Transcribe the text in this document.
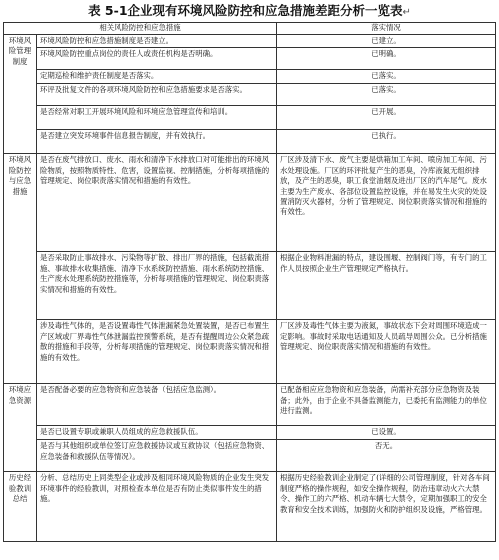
表 5-1企业现有环境风险防控和应急措施差距分析一览表↵
相关风险防控和应急措施		落实情况
环境风险管理制度	环境风险防控和应急措施制度是否建立。	已建立。
	环境风险防控重点岗位的责任人或责任机构是否明确。	已明确。
	定期巡检和维护责任制度是否落实。	已落实。
	环评及批复文件的各项环境风险防控和应急措施要求是否落实。	已落实。
	是否经常对职工开展环境风险和环境应急管理宣传和培训。	已开展。
	是否建立突发环境事件信息报告制度，并有效执行。	已执行。
环境风险防控与应急措施	是否在废气排放口、废水、雨水和清净下水排放口对可能排出的环境风险物质，按照物质特性、危害，设置监视、控制措施，分析每项措施的管理规定、岗位职责落实情况和措施的有效性。	厂区涉及清下水、废气主要是烘箱加工车间、喷房加工车间、污水处理设施。厂区的环评批复产生的恶臭，冷库液氮无组织排放，及产生的恶臭，职工食堂油烟及进出厂区的汽车尾气。废水主要为生产废水、各部位设置监控设施，并在易发生火灾的处设置消防灭火器材，分析了管理规定、岗位职责落实情况和措施的有效性。
	是否采取防止事故排水、污染物等扩散、排出厂界的措施，包括截流措施、事故排水收集措施、清净下水系统防控措施、雨水系统防控措施、生产废水处理系统防控措施等，分析每项措施的管理规定、岗位职责落实情况和措施的有效性。	根据企业物料泄漏的特点，建设围堰、控制阀门等，有专门的工作人员按照企业生产管理规定严格执行。
	涉及毒性气体的，是否设置毒性气体泄漏紧急处置装置，是否已布置生产区域或厂界毒性气体泄漏监控预警系统，是否有提醒周边公众紧急疏散的措施和手段等，分析每项措施的管理规定、岗位职责落实情况和措施的有效性。	厂区涉及毒性气体主要为液氮，事故状态下会对周围环境造成一定影响。事故时采取电话通知及人员疏导周围公众。已分析措施管理规定、岗位职责落实情况和措施的有效性。
环境应急资源	是否配备必要的应急物资和应急装备（包括应急监测）。	已配备相应应急物资和应急装备，尚需补充部分应急物资及装备；此外，由于企业不具备监测能力，已委托有监测能力的单位进行监测。
	是否已设置专职或兼职人员组成的应急救援队伍。	已设置。
	是否与其他组织或单位签订应急救援协议或互救协议（包括应急物资、应急装备和救援队伍等情况）。	否无。
历史经验教训总结	分析、总结历史上同类型企业或涉及相同环境风险物质的企业发生突发环境事件的经验教训，对照检查本单位是否有防止类似事件发生的措施。	根据历史经验教训企业制定了(详细的公司管理制度，针对各车间制度严格的操作规程，如安全操作规程，防治违章动火六大禁令、操作工的六严格、机动车辆七大禁令，定期加强职工的安全教育和安全技术训练，加强防火和防护组织及设施，严格管理。
